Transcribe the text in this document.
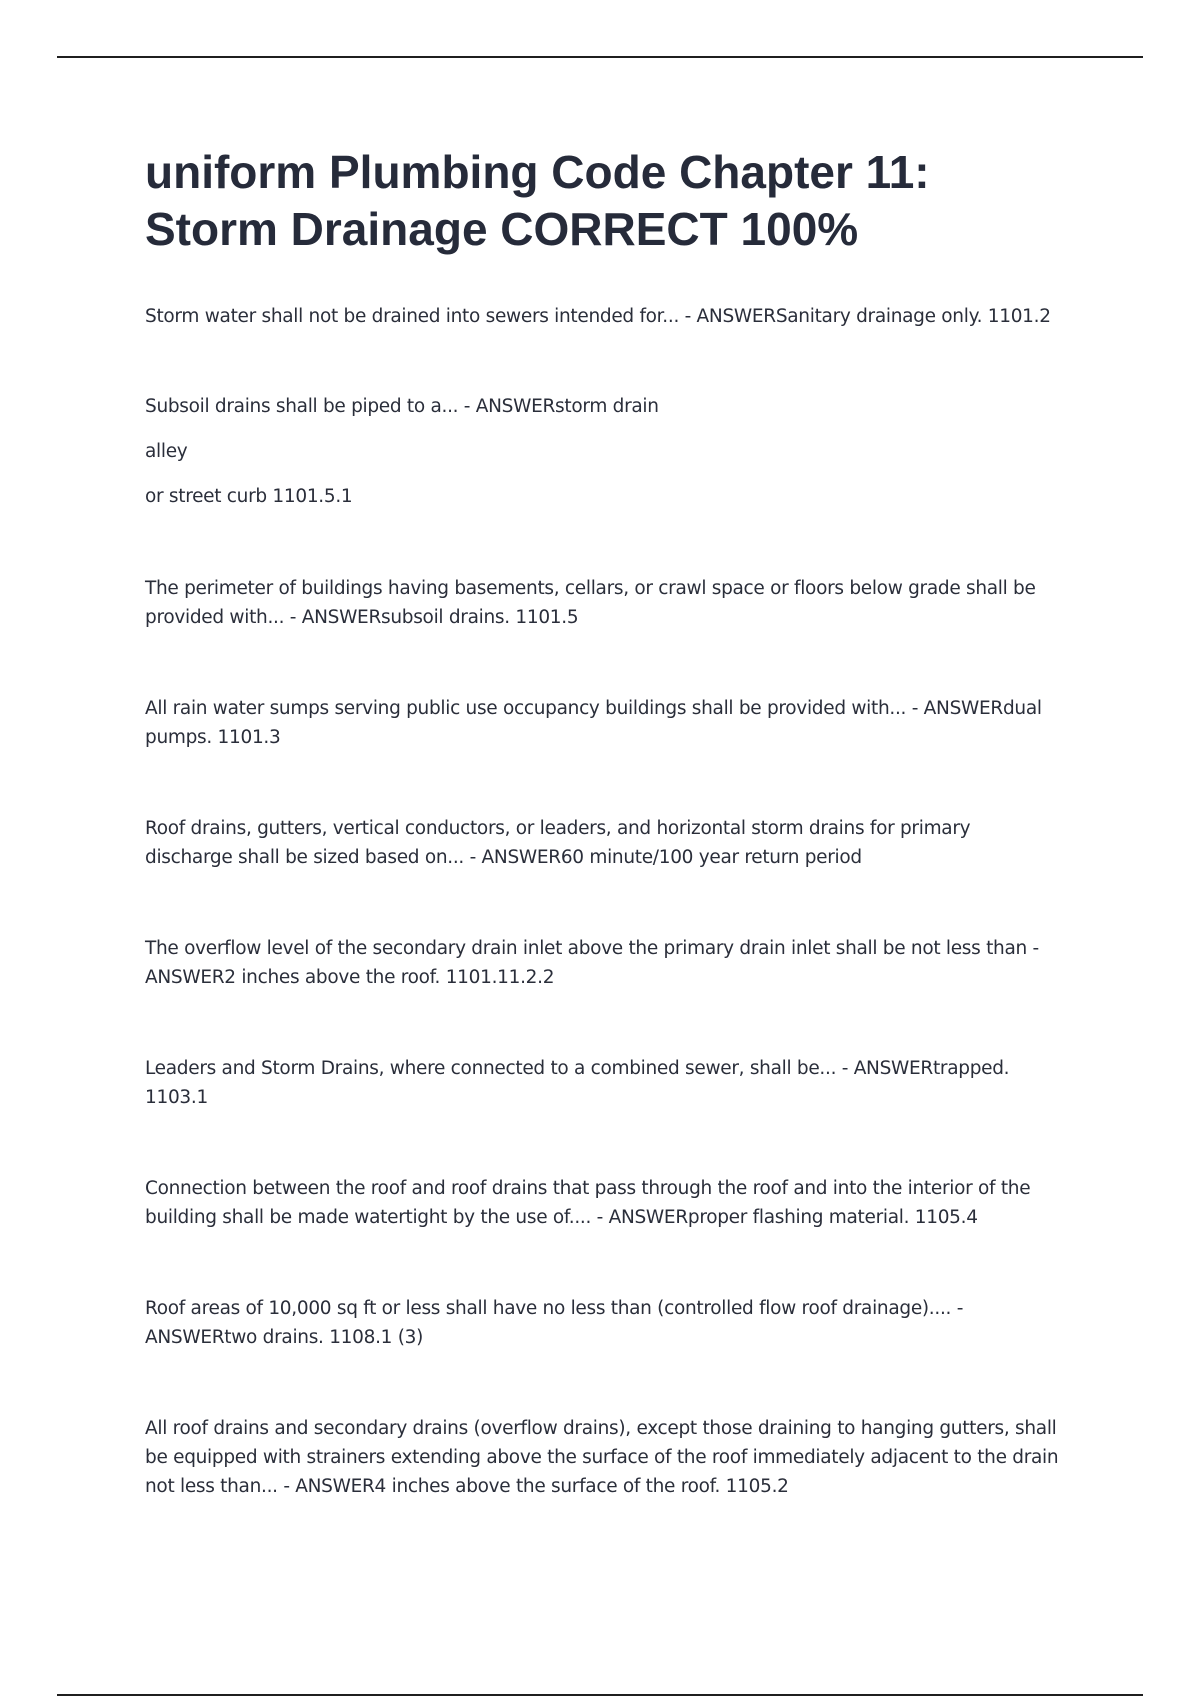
uniform Plumbing Code Chapter 11:
Storm Drainage CORRECT 100%

Storm water shall not be drained into sewers intended for... - ANSWERSanitary drainage only. 1101.2

Subsoil drains shall be piped to a... - ANSWERstorm drain

alley

or street curb 1101.5.1

The perimeter of buildings having basements, cellars, or crawl space or floors below grade shall be provided with... - ANSWERsubsoil drains. 1101.5

All rain water sumps serving public use occupancy buildings shall be provided with... - ANSWERdual pumps. 1101.3

Roof drains, gutters, vertical conductors, or leaders, and horizontal storm drains for primary discharge shall be sized based on... - ANSWER60 minute/100 year return period

The overflow level of the secondary drain inlet above the primary drain inlet shall be not less than - ANSWER2 inches above the roof. 1101.11.2.2

Leaders and Storm Drains, where connected to a combined sewer, shall be... - ANSWERtrapped. 1103.1

Connection between the roof and roof drains that pass through the roof and into the interior of the building shall be made watertight by the use of.... - ANSWERproper flashing material. 1105.4

Roof areas of 10,000 sq ft or less shall have no less than (controlled flow roof drainage).... - ANSWERtwo drains. 1108.1 (3)

All roof drains and secondary drains (overflow drains), except those draining to hanging gutters, shall be equipped with strainers extending above the surface of the roof immediately adjacent to the drain not less than... - ANSWER4 inches above the surface of the roof. 1105.2
